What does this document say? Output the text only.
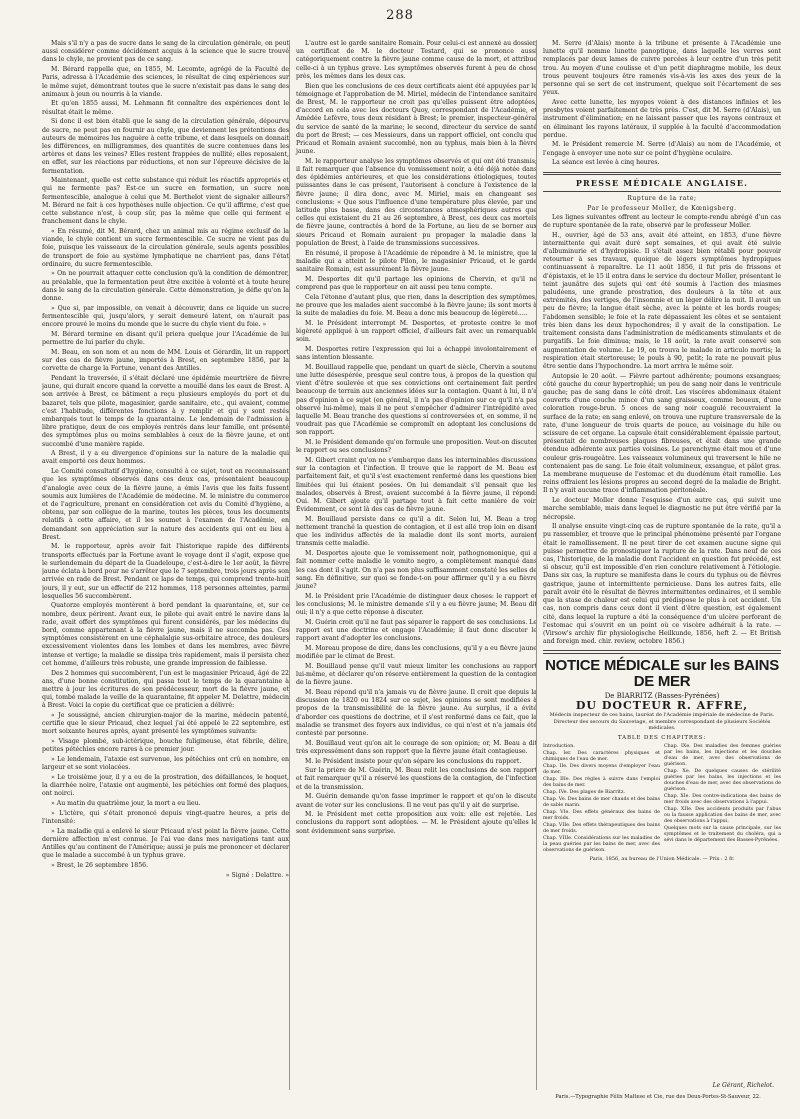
288

Mais s'il n'y a pas de sucre dans le sang de la circulation générale, on peut aussi considérer comme décidément acquis à la science que le sucre trouvé dans le chyle, ne provient pas de ce sang.

M. Bérard rappelle que, en 1855, M. Lecomte, agrégé de la Faculté de Paris, adressa à l'Académie des sciences, le résultat de cinq expériences sur le même sujet, démontrant toutes que le sucre n'existait pas dans le sang des animaux à jeun ou nourris à la viande.

Et qu'en 1855 aussi, M. Lehmann fit connaître des expériences dont le résultat était le même.

Si donc il est bien établi que le sang de la circulation générale, dépourvu de sucre, ne peut pas en fournir au chyle, que deviennent les prétentions des auteurs de mémoires lus naguère à cette tribune, et dans lesquels on donnait les différences, en milligrammes, des quantités de sucre contenues dans les artères et dans les veines? Elles restent frappées de nullité; elles reposaient, en effet, sur les réactions par réductions, et non sur l'épreuve décisive de la fermentation.

Maintenant, quelle est cette substance qui réduit les réactifs appropriés et qui ne fermente pas? Est-ce un sucre en formation, un sucre non fermentescible, analogue à celui que M. Berthelot vient de signaler ailleurs? M. Bérard ne fait à ces hypothèses nulle objection. Ce qu'il affirme, c'est que cette substance n'est, à coup sûr, pas la même que celle qui ferment e franchement dans le chyle.

« En résumé, dit M. Bérard, chez un animal mis au régime exclusif de la viande, le chyle contient un sucre fermentescible. Ce sucre ne vient pas du foie, puisque les vaisseaux de la circulation générale, seuls agents possibles de transport de foie au système lymphatique ne charrient pas, dans l'état ordinaire, du sucre fermentescible.

» On ne pourrait attaquer cette conclusion qu'à la condition de démontrer, au préalable, que la fermentation peut être excitée à volonté et à toute heure dans le sang de la circulation générale. Cette démonstration, je défie qu'on la donne.

» Que si, par impossible, on venait à découvrir, dans ce liquide un sucre fermentescible qui, jusqu'alors, y serait demeuré latent, on n'aurait pas encore prouvé le moins du monde que le sucre du chyle vient du foie. »

M. Bérard termine en disant qu'il priera quelque jour l'Académie de lui permettre de lui parler du chyle.

M. Beau, en son nom et au nom de MM. Louis et Gérardin, lit un rapport sur des cas de fièvre jaune, importés à Brest, en septembre 1856, par la corvette de charge la Fortune, venant des Antilles.

Pendant la traversée, il s'était déclaré une épidémie meurtrière de fièvre jaune, qui durait encore quand la corvette a mouillé dans les eaux de Brest. A son arrivée à Brest, ce bâtiment a reçu plusieurs employés du port et du bazaret, tels que pilote, magasinier, garde sanitaire, etc., qui avaient, comme c'est l'habitude, différentes fonctions à y remplir et qui y sont restés embarqués tout le temps de la quarantaine. Le lendemain de l'admission à libre pratique, deux de ces employés rentrés dans leur famille, ont présenté des symptômes plus ou moins semblables à ceux de la fièvre jaune, et ont succombé d'une manière rapide.

A Brest, il y a eu divergence d'opinions sur la nature de la maladie qui avait emporté ces deux hommes.

Le Comité consultatif d'hygiène, consulté à ce sujet, tout en reconnaissant que les symptômes observés dans ces deux cas, présentaient beaucoup d'analogie avec ceux de la fièvre jaune, a émis l'avis que les faits fussent soumis aux lumières de l'Académie de médecine. M. le ministre du commerce et de l'agriculture, prenant en considération cet avis du Comité d'hygiène, a obtenu, par son collègue de la marine, toutes les pièces, tous les documents relatifs à cette affaire, et il les soumet à l'examen de l'Académie, en demandant son appréciation sur la nature des accidents qui ont eu lieu à Brest.

M. le rapporteur, après avoir fait l'historique rapide des différents transports effectués par la Fortune avant le voyage dont il s'agit, expose que le surlendemain du départ de la Guadeloupe, c'est-à-dire le 1er août, la fièvre jaune éclata à bord pour ne s'arrêter que le 7 septembre, trois jours après son arrivée en rade de Brest. Pendant ce laps de temps, qui comprend trente-huit jours, il y eut, sur un effectif de 212 hommes, 118 personnes atteintes, parmi lesquelles 56 succombèrent.

Quatorze employés montèrent à bord pendant la quarantaine, et, sur ce nombre, deux périrent. Avant eux, le pilote qui avait entré le navire dans la rade, avait offert des symptômes qui furent considérés, par les médecins du bord, comme appartenant à la fièvre jaune, mais il ne succomba pas. Ces symptômes consistèrent en une céphalalgie sus-orbitaire atroce, des douleurs excessivement violentes dans les lombes et dans les membres, avec fièvre intense et vertige; la maladie se dissipa très rapidement, mais il persista chez cet homme, d'ailleurs très robuste, une grande impression de faiblesse.

Des 2 hommes qui succombèrent, l'un est le magasinier Pricaud, âgé de 22 ans, d'une bonne constitution, qui passa tout le temps de la quarantaine à mettre à jour les écritures de son prédécesseur, mort de la fièvre jaune, et qui, tombé malade la veille de la quarantaine, fit appeler M. Delattre, médecin à Brest. Voici la copie du certificat que ce praticien a délivré:

« Je soussigné, ancien chirurgien-major de la marine, médecin patenté, certifie que le sieur Pricaud, chez lequel j'ai été appelé le 22 septembre, est mort soixante heures après, ayant présenté les symptômes suivants:

» Visage plombé, sub-ictérique, bouche fuligineuse, état fébrile, délire, petites pétéchies encore rares à ce premier jour.

» Le lendemain, l'ataxie est survenue, les pétéchies ont crû en nombre, en largeur et se sont violacées.

» Le troisième jour, il y a eu de la prostration, des défaillances, le hoquet, la diarrhée noire, l'ataxie ont augmenté, les pétéchies ont formé des plaques, ont noirci.

» Au matin du quatrième jour, la mort a eu lieu.

» L'ictère, qui s'était prononcé depuis vingt-quatre heures, a pris de l'intensité:

» La maladie qui a enlevé le sieur Pricaud n'est point la fièvre jaune. Cette dernière affection m'est connue. Je l'ai vue dans mes navigations tant aux Antilles qu'au continent de l'Amérique; aussi je puis me prononcer et déclarer que le malade a succombé à un typhus grave.

» Brest, le 26 septembre 1856.

» Signé : Delattre. »

L'autre est le garde sanitaire Romain. Pour celui-ci est annexé au dossier, un certificat de M. le docteur Testard, qui se prononce aussi catégoriquement contre la fièvre jaune comme cause de la mort, et attribue celle-ci à un typhus grave. Les symptômes observés furent à peu de chose près, les mêmes dans les deux cas.

Bien que les conclusions de ces deux certificats aient été appuyées par le témoignage et l'approbation de M. Miriel, médecin de l'intendance sanitaire de Brest, M. le rapporteur ne croit pas qu'elles puissent être adoptées, d'accord en cela avec les docteurs Quoy, correspondant de l'Académie, et Amédée Lefèvre, tous deux résidant à Brest; le premier, inspecteur-général du service de santé de la marine; le second, directeur du service de santé du port de Brest; — ces Messieurs, dans un rapport officiel, ont conclu que Pricaud et Romain avaient succombé, non au typhus, mais bien à la fièvre jaune.

M. le rapporteur analyse les symptômes observés et qui ont été transmis; il fait remarquer que l'absence du vomissement noir, a été déjà notée dans des épidémies antérieures, et que les considérations étiologiques, toutes puissantes dans le cas présent, l'autorisent à conclure à l'existence de la fièvre jaune; il dira donc, avec M. Miriel, mais en changeant ses conclusions: « Que sous l'influence d'une température plus élevée, par une latitude plus basse, dans des circonstances atmosphériques autres que celles qui existaient du 21 au 26 septembre, à Brest, ces deux cas mortels de fièvre jaune, contractés à bord de la Fortune, au lieu de se borner aux sieurs Pricaud et Romain auraient pu propager la maladie dans la population de Brest, à l'aide de transmissions successives.

En résumé, il propose à l'Académie de répondre à M. le ministre, que la maladie qui a atteint le pilote Pilon, le magasinier Pricaud, et le garde sanitaire Romain, est assurément la fièvre jaune.

M. Desportes dit qu'il partage les opinions de Chervin, et qu'il ne comprend pas que le rapporteur en ait aussi peu tenu compte.

Cela l'étonne d'autant plus, que rien, dans la description des symptômes, ne prouve que les malades aient succombé à la fièvre jaune; ils sont morts à la suite de maladies du foie. M. Beau a donc mis beaucoup de légèreté.....

M. le Président interrompt M. Desportes, et proteste contre le mot légèreté appliqué à un rapport officiel, d'ailleurs fait avec un remarquable soin.

M. Desportes retire l'expression qui lui a échappé involontairement et sans intention blessante.

M. Bouillaud rappelle que, pendant un quart de siècle, Chervin a soutenu une lutte désespérée, presque seul contre tous, à propos de la question qui vient d'être soulevée et que ses convictions ont certainement fait perdre beaucoup de terrain aux anciennes idées sur la contagion. Quant à lui, il n'a pas d'opinion à ce sujet (en général, il n'a pas d'opinion sur ce qu'il n'a pas observé lui-même), mais il ne peut s'empêcher d'admirer l'intrépidité avec laquelle M. Beau tranche des questions si controversées et, en somme, il ne voudrait pas que l'Académie se compromît en adoptant les conclusions de son rapport.

M. le Président demande qu'on formule une proposition. Veut-on discuter le rapport ou ses conclusions?

M. Gibert craint qu'on ne s'embarque dans les interminables discussions sur la contagion et l'infection. Il trouve que le rapport de M. Beau est parfaitement fait, et qu'il s'est exactement renfermé dans les questions bien limitées qui lui étaient posées. On lui demandait s'il pensait que les malades, observés à Brest, avaient succombé à la fièvre jaune, il répond: Oui. M. Gibert ajoute qu'il partage tout à fait cette manière de voir. Évidemment, ce sont là des cas de fièvre jaune.

M. Bouillaud persiste dans ce qu'il a dit. Selon lui, M. Beau a trop nettement tranché la question de contagion, et il est allé trop loin en disant que les individus affectés de la maladie dont ils sont morts, auraient transmis cette maladie.

M. Desportes ajoute que le vomissement noir, pathognomonique, qui a fait nommer cette maladie le vomito negro, a complètement manqué dans les cas dont il s'agit. On n'a pas non plus suffisamment constaté les selles de sang. En définitive, sur quoi se fonde-t-on pour affirmer qu'il y a eu fièvre jaune?

M. le Président prie l'Académie de distinguer deux choses: le rapport et les conclusions; M. le ministre demande s'il y a eu fièvre jaune; M. Beau dit oui; il n'y a que cette réponse à discuter.

M. Guérin croit qu'il ne faut pas séparer le rapport de ses conclusions. Le rapport est une doctrine et engage l'Académie; il faut donc discuter le rapport avant d'adopter les conclusions.

M. Moreau propose de dire, dans les conclusions, qu'il y a eu fièvre jaune modifiée par le climat de Brest.

M. Bouillaud pense qu'il vaut mieux limiter les conclusions au rapport lui-même, et déclarer qu'on réserve entièrement la question de la contagion de la fièvre jaune.

M. Beau répond qu'il n'a jamais vu de fièvre jaune. Il croit que depuis la discussion de 1820 ou 1824 sur ce sujet, les opinions se sont modifiées à propos de la transmissibilité de la fièvre jaune. Au surplus, il a évité d'aborder ces questions de doctrine, et il s'est renfermé dans ce fait, que la maladie se transmet des foyers aux individus, ce qui n'est et n'a jamais été contesté par personne.

M. Bouillaud veut qu'on ait le courage de son opinion; or, M. Beau a dit très expressément dans son rapport que la fièvre jaune était contagieuse.

M. le Président insiste pour qu'on sépare les conclusions du rapport.

Sur la prière de M. Guérin, M. Beau relit les conclusions de son rapport et fait remarquer qu'il a réservé les questions de la contagion, de l'infection et de la transmission.

M. Guérin demande qu'on fasse imprimer le rapport et qu'on le discute avant de voter sur les conclusions. Il ne veut pas qu'il y ait de surprise.

M. le Président met cette proposition aux voix: elle est rejetée. Les conclusions du rapport sont adoptées. — M. le Président ajoute qu'elles le sont évidemment sans surprise.

M. Serre (d'Alais) monte à la tribune et présente à l'Académie une lunette qu'il nomme lunette panoptique, dans laquelle les verres sont remplacés par deux lames de cuivre percées à leur centre d'un très petit trou. Au moyen d'une coulisse et d'un petit diaphragme mobile, les deux trous peuvent toujours être ramenés vis-à-vis les axes des yeux de la personne qui se sert de cet instrument, quelque soit l'écartement de ses yeux.

Avec cette lunette, les myopes voient à des distances infinies et les presbytes voient parfaitement de très près. C'est, dit M. Serre (d'Alais), un instrument d'élimination; en ne laissant passer que les rayons centraux et en éliminant les rayons latéraux, il supplée à la faculté d'accommodation perdue.

M. le Président remercie M. Serre (d'Alais) au nom de l'Académie, et l'engage à envoyer une note sur ce point d'hygiène oculaire.

La séance est levée à cinq heures.

PRESSE MÉDICALE ANGLAISE.
Rupture de la rate;
Par le professeur Moller, de Kœnigsberg.

Les lignes suivantes offrent au lecteur le compte-rendu abrégé d'un cas de rupture spontanée de la rate, observé par le professeur Moller.

H., ouvrier, âgé de 53 ans, avait été atteint, en 1853, d'une fièvre intermittente qui avait duré sept semaines, et qui avait été suivie d'albuminurie et d'hydropisie. Il s'était assez bien rétabli pour pouvoir retourner à ses travaux, quoique de légers symptômes hydropiques continuassent à reparaître. Le 11 août 1856, il fut pris de frissons et d'épistaxis, et le 15 il entra dans le service du docteur Moller, présentant le teint jaunâtre des sujets qui ont été soumis à l'action des miasmes paludéens, une grande prostration, des douleurs à la tête et aux extrémités, des vertiges, de l'insomnie et un léger délire la nuit. Il avait un peu de fièvre; la langue était sèche, avec la pointe et les bords rouges; l'abdomen sensible; le foie et la rate dépassaient les côtes et se sentaient très bien dans les deux hypochondres; il y avait de la constipation. Le traitement consista dans l'administration de médicaments stimulants et de purgatifs. Le foie diminua; mais, le 18 août, la rate avait conservé son augmentation de volume. Le 19, on trouva le malade in articulo mortis; la respiration était stertoreuse; le pouls à 90, petit; la rate ne pouvait plus être sentie dans l'hypochondre. La mort arriva le même soir.

Autopsie le 20 août. — Fièvre partout adhérente; poumons exsangues; côté gauche du cœur hypertrophié; un peu de sang noir dans le ventricule gauche; pas de sang dans le côté droit. Les viscères abdominaux étaient couverts d'une couche mince d'un sang graisseux, comme boueux, d'une coloration rouge-brun. 5 onces de sang noir coagulé recouvraient la surface de la rate; en sang enlevé, on trouva une rupture transversale de la rate, d'une longueur de trois quarts de pouce, au voisinage du hile ou scissure de cet organe. La capsule était considérablement épaissie partout, présentait de nombreuses plaques fibreuses, et était dans une grande étendue adhérente aux parties voisines. Le parenchyme était mou et d'une couleur gris-rougeâtre. Les vaisseaux volumineux qui traversent le hile ne contenaient pas de sang. Le foie était volumineux, exsangue, et pâlot gras. La membrane muqueuse de l'estomac et du duodénum était ramollie. Les reins offraient les lésions propres au second degré de la maladie de Bright. Il n'y avait aucune trace d'inflammation péritonéale.

Le docteur Moller donne l'esquisse d'un autre cas, qui suivit une marche semblable, mais dans lequel le diagnostic ne put être vérifié par la nécropsie.

Il analyse ensuite vingt-cinq cas de rupture spontanée de la rate, qu'il a pu rassembler, et trouve que le principal phénomène présenté par l'organe était le ramollissement. Il ne peut tirer de cet examen aucune signe qui puisse permettre de pronostiquer la rupture de la rate. Dans neuf de ces cas, l'historique, de la maladie dont l'accident en question fut précédé, est si obscur, qu'il est impossible d'en rien conclure relativement à l'étiologie. Dans six cas, la rupture se manifesta dans le cours du typhus ou de fièvres gastrique, jaune et intermittente pernicieuse. Dans les autres faits, elle paraît avoir été le résultat de fièvres intermittentes ordinaires, et il semble que la stase de chaleur est celui qui prédispose le plus à cet accident. Un cas, non compris dans ceux dont il vient d'être question, est également cité, dans lequel la rupture a été la conséquence d'un ulcère perforant de l'estomac qui s'ouvrit en un point où ce viscère adhérait à la rate. — (Virsow's archiv für physiologische Heilkunde, 1856, heft 2. — Et British and foreign med. chir. review, octobre 1856.)

NOTICE MÉDICALE sur les BAINS DE MER
De BIARRITZ (Basses-Pyrénées)
DU DOCTEUR R. AFFRE,
Médecin inspecteur de ces bains, lauréat de l'Académie impériale de médecine de Paris. Directeur des secours du Sauvetage, et membre correspondant de plusieurs Sociétés médicales.
TABLE DES CHAPITRES:
Introduction.
Chap. Ier. Des caractères physiques et chimiques de l'eau de mer.
Chap. IIe. Des divers moyens d'employer l'eau de mer.
Chap. IIIe. Des règles à suivre dans l'emploi des bains de mer.
Chap. IVe. Des plages de Biarritz.
Chap. Ve. Des bains de mer chauds et des bains de sable marin.
Chap. VIe. Des effets généraux des bains de mer froids.
Chap. VIIe. Des effets thérapeutiques des bains de mer froids.
Chap. VIIIe. Considérations sur les maladies de la peau guéries par les bains de mer, avec des observations de guérison.
Chap. IXe. Des maladies des femmes guéries par les bains, les injections et les douches d'eau de mer, avec des observations de guérison.
Chap. Xe. De quelques causes de stérilité guéries par les bains, les injections et les douches d'eau de mer, avec des observations de guérison.
Chap. XIe. Des contre-indications des bains de mer froids avec des observations à l'appui.
Chap. XIIe. Des accidents produits par l'abus ou la fausse application des bains de mer, avec des observations à l'appui.
Quelques mots sur la cause principale, sur les symptômes et le traitement du choléra, qui a sévi dans le département des Basses-Pyrénées.
Paris, 1856, au bureau de l'Union Médicale. — Prix : 2 fr.
Le Gérant, Richelot.
Paris.—Typographie Félix Maltese et Cie, rue des Deux-Portes-St-Sauveur, 22.
